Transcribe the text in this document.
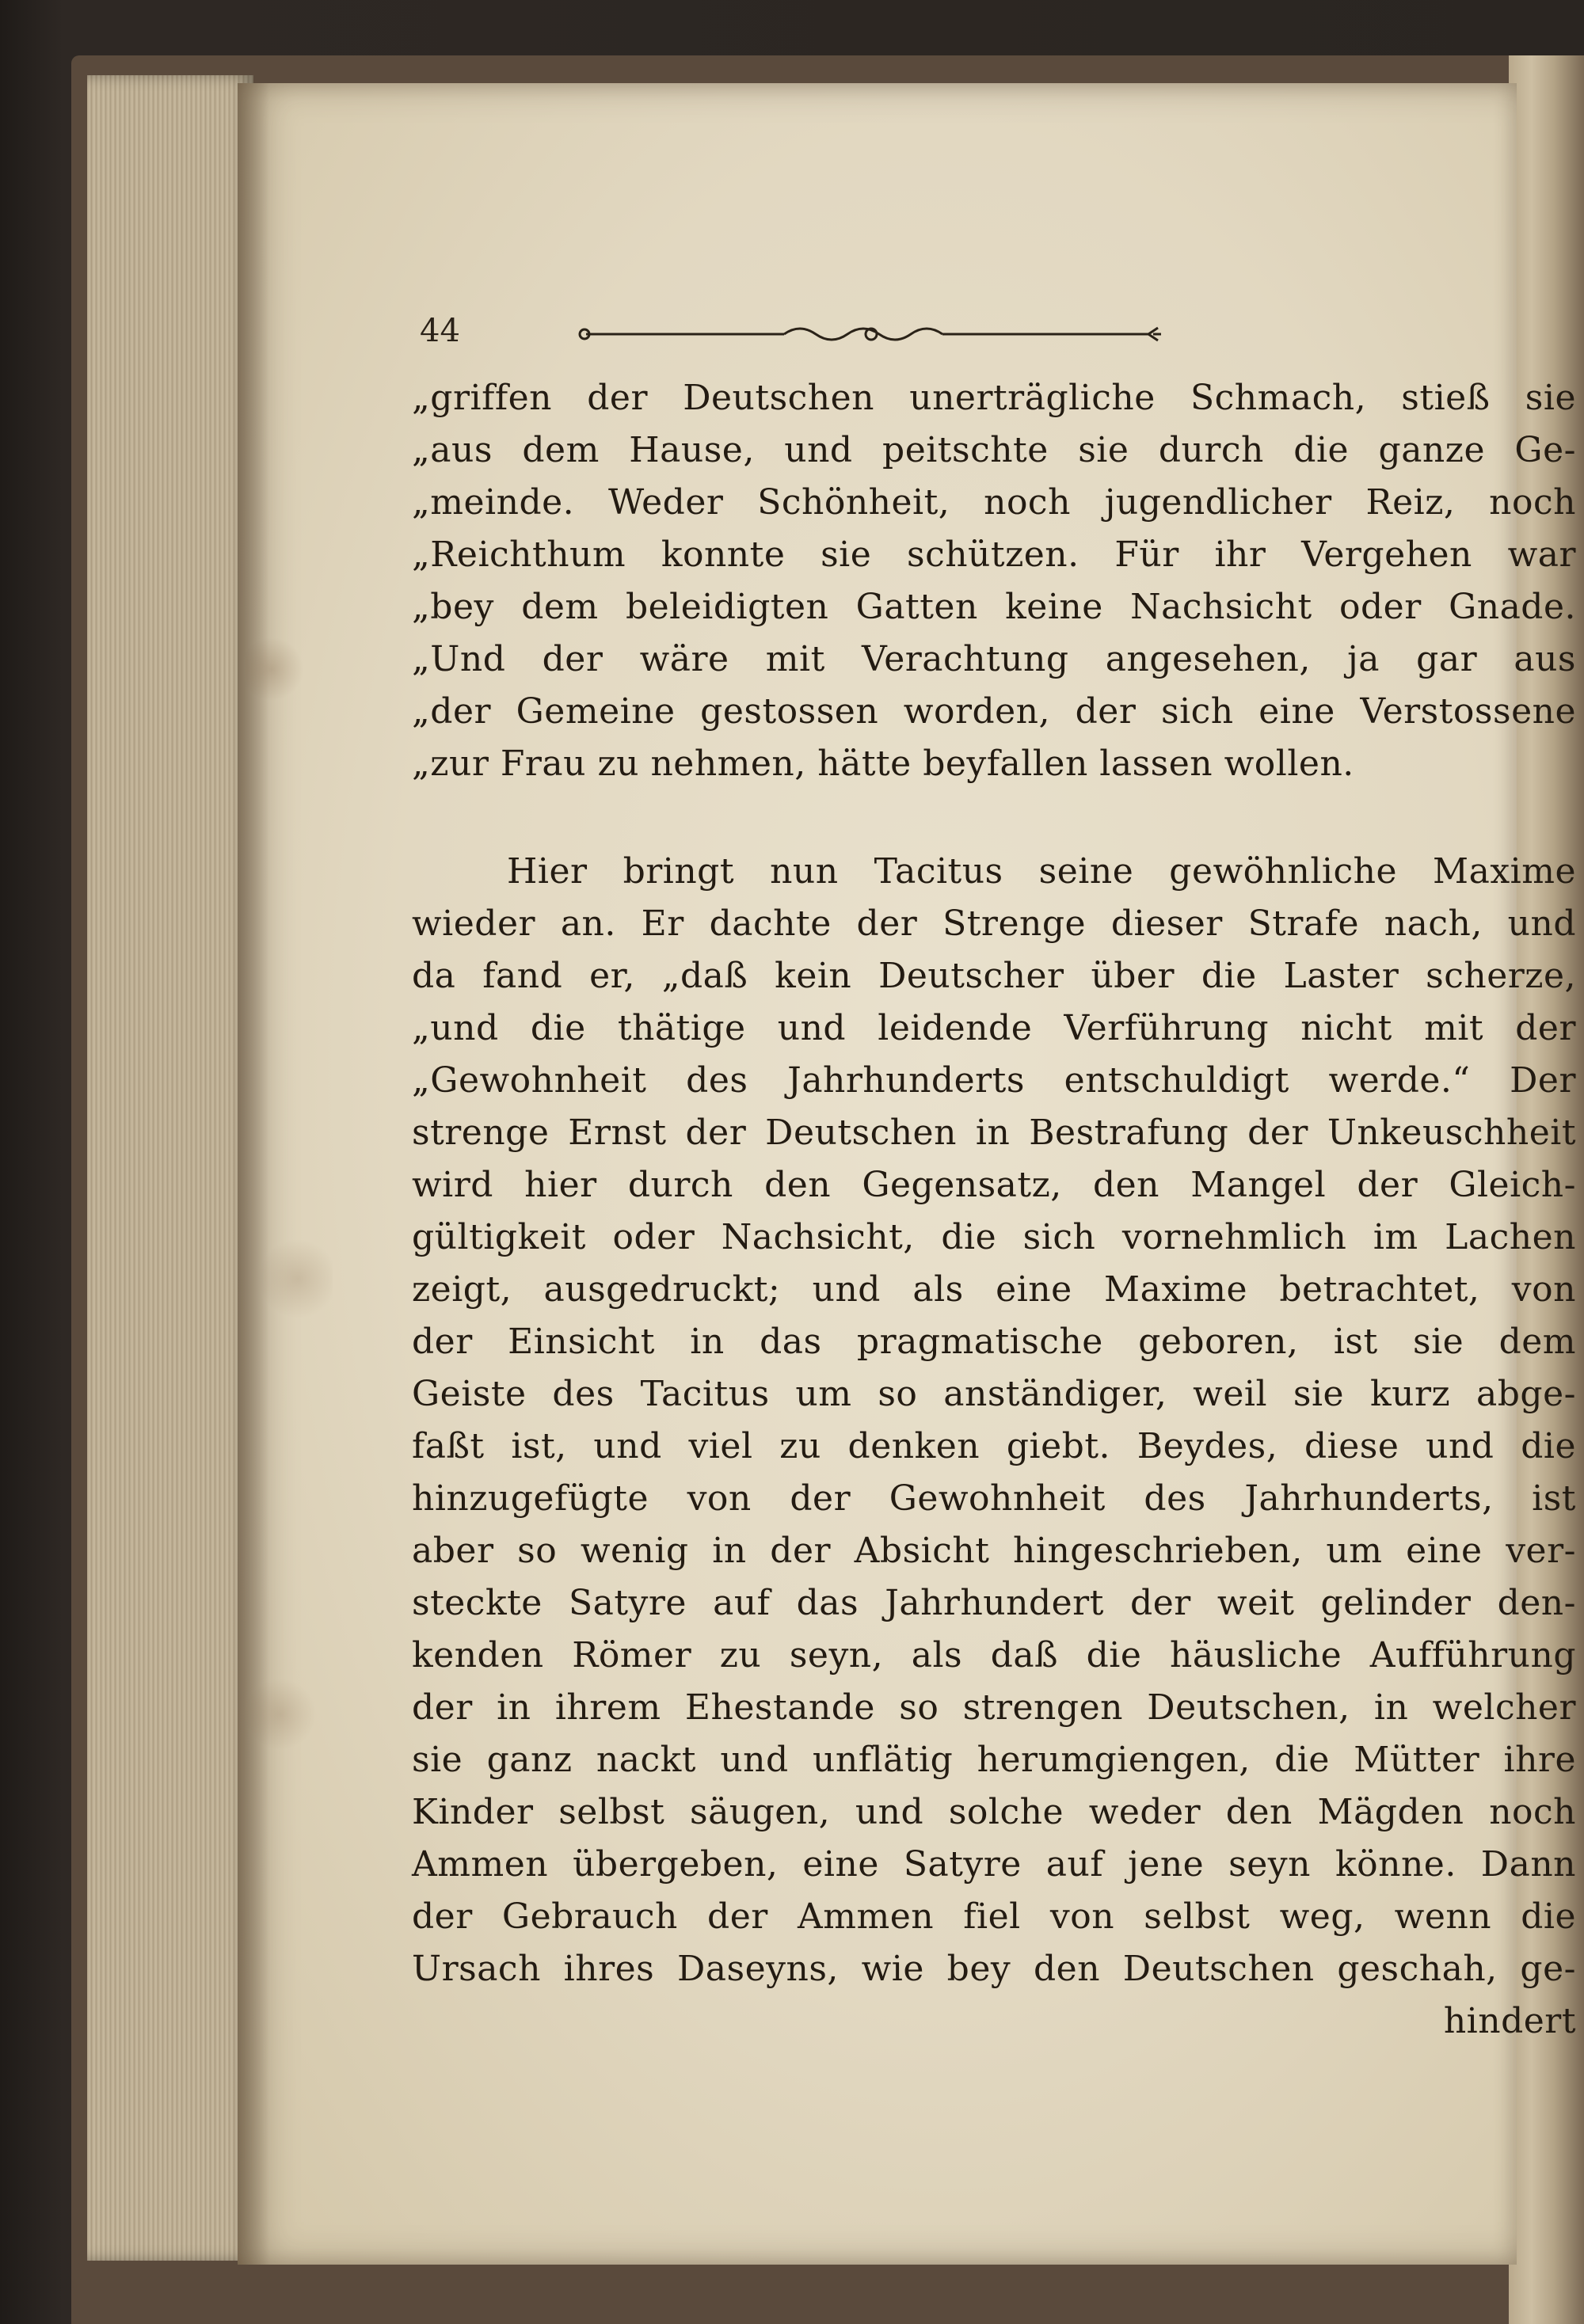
44
„griffen der Deutschen unerträgliche Schmach, stieß sie
„aus dem Hause, und peitschte sie durch die ganze Ge-
„meinde. Weder Schönheit, noch jugendlicher Reiz, noch
„Reichthum konnte sie schützen. Für ihr Vergehen war
„bey dem beleidigten Gatten keine Nachsicht oder Gnade.
„Und der wäre mit Verachtung angesehen, ja gar aus
„der Gemeine gestossen worden, der sich eine Verstossene
„zur Frau zu nehmen, hätte beyfallen lassen wollen.
Hier bringt nun Tacitus seine gewöhnliche Maxime
wieder an. Er dachte der Strenge dieser Strafe nach, und
da fand er, „daß kein Deutscher über die Laster scherze,
„und die thätige und leidende Verführung nicht mit der
„Gewohnheit des Jahrhunderts entschuldigt werde.“ Der
strenge Ernst der Deutschen in Bestrafung der Unkeuschheit
wird hier durch den Gegensatz, den Mangel der Gleich-
gültigkeit oder Nachsicht, die sich vornehmlich im Lachen
zeigt, ausgedruckt; und als eine Maxime betrachtet, von
der Einsicht in das pragmatische geboren, ist sie dem
Geiste des Tacitus um so anständiger, weil sie kurz abge-
faßt ist, und viel zu denken giebt. Beydes, diese und die
hinzugefügte von der Gewohnheit des Jahrhunderts, ist
aber so wenig in der Absicht hingeschrieben, um eine ver-
steckte Satyre auf das Jahrhundert der weit gelinder den-
kenden Römer zu seyn, als daß die häusliche Aufführung
der in ihrem Ehestande so strengen Deutschen, in welcher
sie ganz nackt und unflätig herumgiengen, die Mütter ihre
Kinder selbst säugen, und solche weder den Mägden noch
Ammen übergeben, eine Satyre auf jene seyn könne. Dann
der Gebrauch der Ammen fiel von selbst weg, wenn die
Ursach ihres Daseyns, wie bey den Deutschen geschah, ge-
hindert
